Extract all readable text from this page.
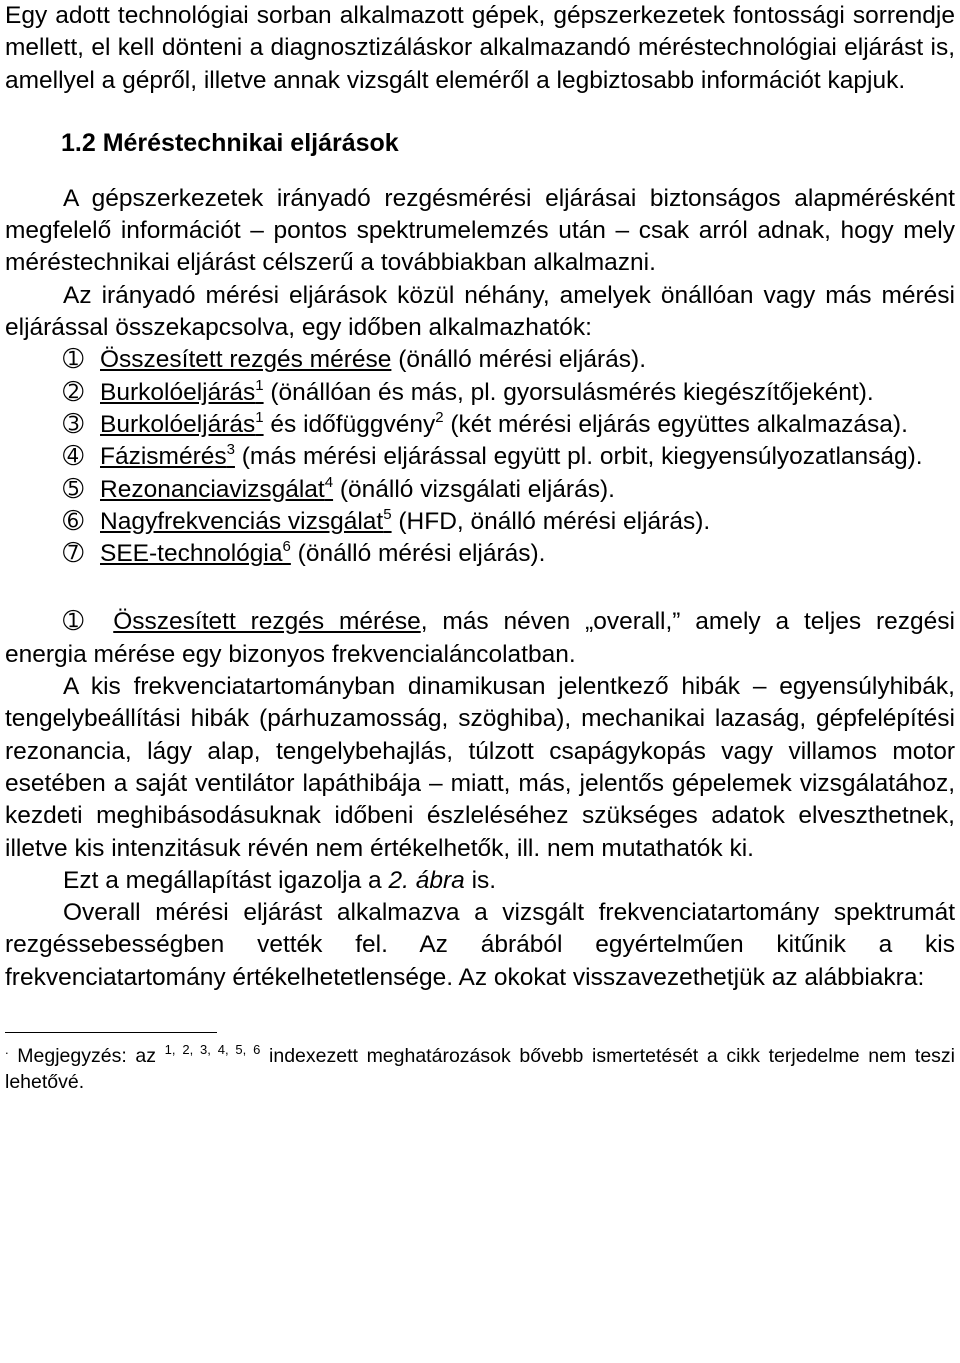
Egy adott technológiai sorban alkalmazott gépek, gépszerkezetek fontossági sorrendje mellett, el kell dönteni a diagnosztizáláskor alkalmazandó méréstechnológiai eljárást is, amellyel a gépről, illetve annak vizsgált eleméről a legbiztosabb információt kapjuk.

1.2 Méréstechnikai eljárások

A gépszerkezetek irányadó rezgésmérési eljárásai biztonságos alapmérésként megfelelő információt – pontos spektrumelemzés után – csak arról adnak, hogy mely méréstechnikai eljárást célszerű a továbbiakban alkalmazni.

Az irányadó mérési eljárások közül néhány, amelyek önállóan vagy más mérési eljárással összekapcsolva, egy időben alkalmazhatók:

➀ Összesített rezgés mérése (önálló mérési eljárás).
➁ Burkolóeljárás$^1$ (önállóan és más, pl. gyorsulásmérés kiegészítőjeként).
➂ Burkolóeljárás$^1$ és időfüggvény$^2$ (két mérési eljárás együttes alkalmazása).
➃ Fázismérés$^3$ (más mérési eljárással együtt pl. orbit, kiegyensúlyozatlanság).
➄ Rezonanciavizsgálat$^4$ (önálló vizsgálati eljárás).
➅ Nagyfrekvenciás vizsgálat$^5$ (HFD, önálló mérési eljárás).
➆ SEE-technológia$^6$ (önálló mérési eljárás).

➀ Összesített rezgés mérése, más néven „overall,” amely a teljes rezgési energia mérése egy bizonyos frekvencialáncolatban.

A kis frekvenciatartományban dinamikusan jelentkező hibák – egyensúlyhibák, tengelybeállítási hibák (párhuzamosság, szöghiba), mechanikai lazaság, gépfelépítési rezonancia, lágy alap, tengelybehajlás, túlzott csapágykopás vagy villamos motor esetében a saját ventilátor lapáthibája – miatt, más, jelentős gépelemek vizsgálatához, kezdeti meghibásodásuknak időbeni észleléséhez szükséges adatok elveszthetnek, illetve kis intenzitásuk révén nem értékelhetők, ill. nem mutathatók ki.

Ezt a megállapítást igazolja a 2. ábra is.

Overall mérési eljárást alkalmazva a vizsgált frekvenciatartomány spektrumát rezgéssebességben vették fel. Az ábrából egyértelműen kitűnik a kis frekvenciatartomány értékelhetetlensége. Az okokat visszavezethetjük az alábbiakra:

. Megjegyzés: az $^{1, 2, 3, 4, 5, 6}$ indexezett meghatározások bővebb ismertetését a cikk terjedelme nem teszi lehetővé.
